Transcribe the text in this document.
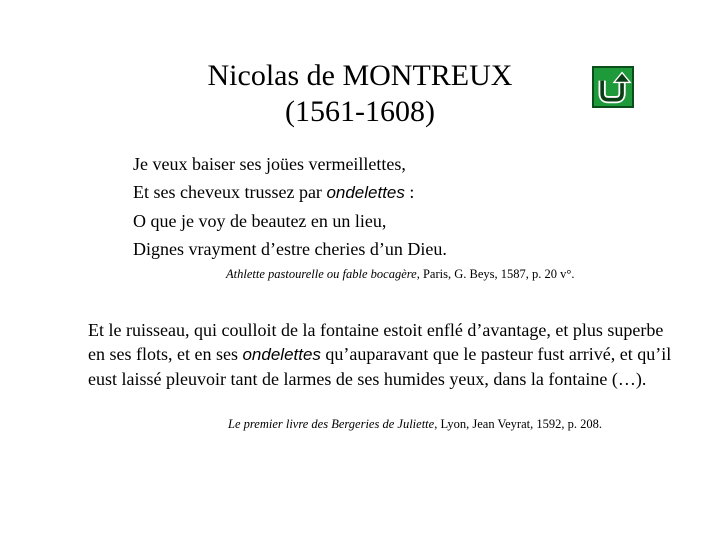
Nicolas de MONTREUX
(1561-1608)
Je veux baiser ses joües vermeillettes,
Et ses cheveux trussez par ondelettes :
O que je voy de beautez en un lieu,
Dignes vrayment d’estre cheries d’un Dieu.
Athlette pastourelle ou fable bocagère, Paris, G. Beys, 1587, p. 20 v°.
Et le ruisseau, qui coulloit de la fontaine estoit enflé d’avantage, et plus superbe en ses flots, et en ses ondelettes qu’auparavant que le pasteur fust arrivé, et qu’il eust laissé pleuvoir tant de larmes de ses humides yeux, dans la fontaine (…).
Le premier livre des Bergeries de Juliette, Lyon, Jean Veyrat, 1592, p. 208.
